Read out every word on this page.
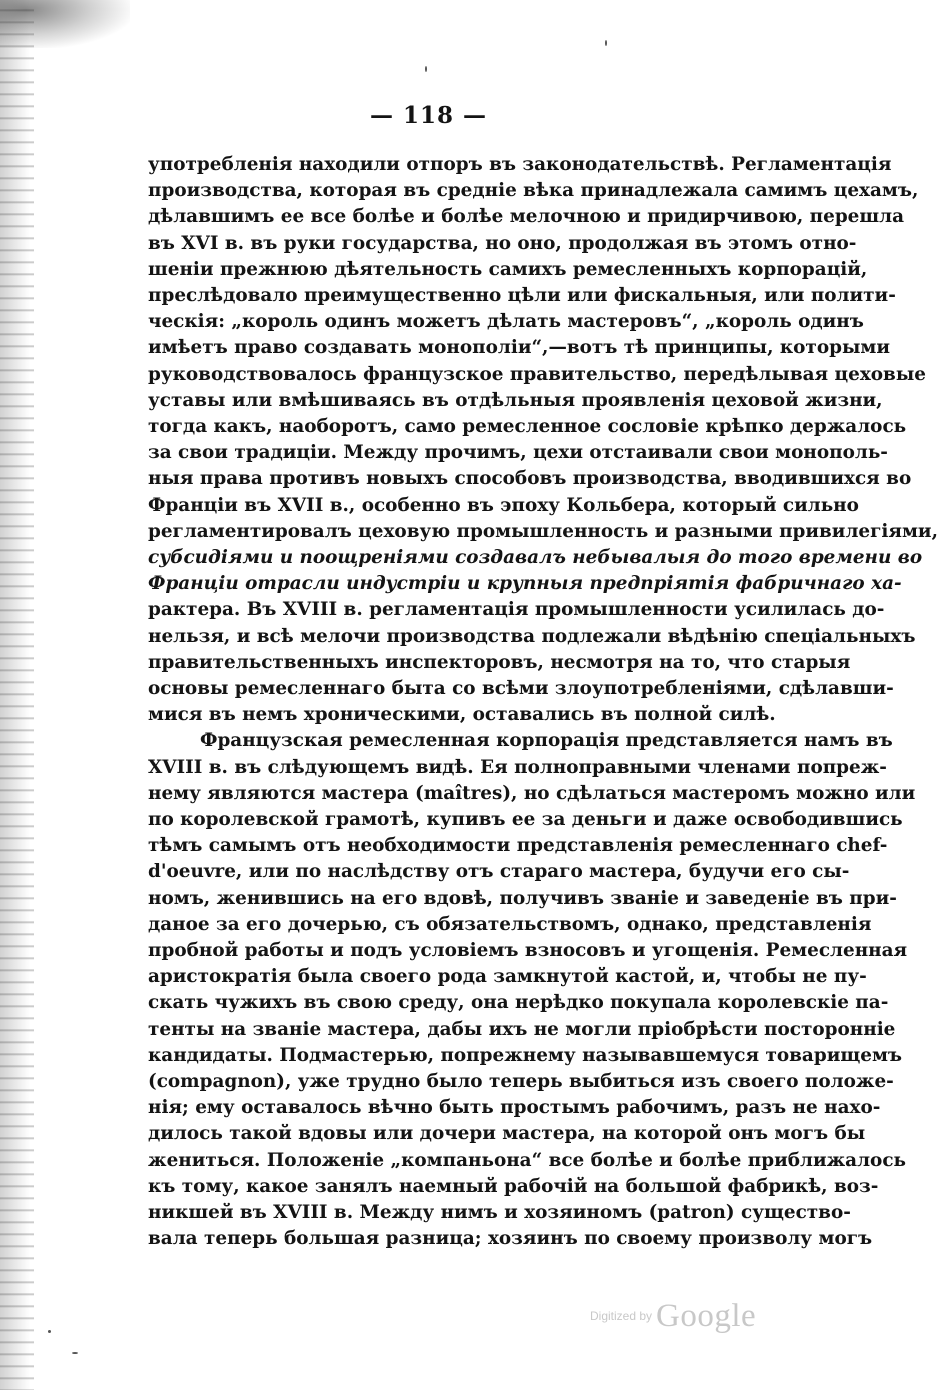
— 118 —
употребленія находили отпоръ въ законодательствѣ. Регламентація
производства, которая въ средніе вѣка принадлежала самимъ цехамъ,
дѣлавшимъ ее все болѣе и болѣе мелочною и придирчивою, перешла
въ XVI в. въ руки государства, но оно, продолжая въ этомъ отно-
шеніи прежнюю дѣятельность самихъ ремесленныхъ корпорацій,
преслѣдовало преимущественно цѣли или фискальныя, или полити-
ческія: „король одинъ можетъ дѣлать мастеровъ“, „король одинъ
имѣетъ право создавать монополіи“,—вотъ тѣ принципы, которыми
руководствовалось французское правительство, передѣлывая цеховые
уставы или вмѣшиваясь въ отдѣльныя проявленія цеховой жизни,
тогда какъ, наоборотъ, само ремесленное сословіе крѣпко держалось
за свои традиціи. Между прочимъ, цехи отстаивали свои монополь-
ныя права противъ новыхъ способовъ производства, вводившихся во
Франціи въ XVII в., особенно въ эпоху Кольбера, который сильно
регламентировалъ цеховую промышленность и разными привилегіями,
субсидіями и поощреніями создавалъ небывалыя до того времени во
Франціи отрасли индустріи и крупныя предпріятія фабричнаго ха-
рактера. Въ XVIII в. регламентація промышленности усилилась до-
нельзя, и всѣ мелочи производства подлежали вѣдѣнію спеціальныхъ
правительственныхъ инспекторовъ, несмотря на то, что старыя
основы ремесленнаго быта со всѣми злоупотребленіями, сдѣлавши-
мися въ немъ хроническими, оставались въ полной силѣ.
Французская ремесленная корпорація представляется намъ въ
XVIII в. въ слѣдующемъ видѣ. Ея полноправными членами попреж-
нему являются мастера (maîtres), но сдѣлаться мастеромъ можно или
по королевской грамотѣ, купивъ ее за деньги и даже освободившись
тѣмъ самымъ отъ необходимости представленія ремесленнаго chef-
d'oeuvre, или по наслѣдству отъ стараго мастера, будучи его сы-
номъ, женившись на его вдовѣ, получивъ званіе и заведеніе въ при-
даное за его дочерью, съ обязательствомъ, однако, представленія
пробной работы и подъ условіемъ взносовъ и угощенія. Ремесленная
аристократія была своего рода замкнутой кастой, и, чтобы не пу-
скать чужихъ въ свою среду, она нерѣдко покупала королевскіе па-
тенты на званіе мастера, дабы ихъ не могли пріобрѣсти посторонніе
кандидаты. Подмастерью, попрежнему называвшемуся товарищемъ
(compagnon), уже трудно было теперь выбиться изъ своего положе-
нія; ему оставалось вѣчно быть простымъ рабочимъ, разъ не нахо-
дилось такой вдовы или дочери мастера, на которой онъ могъ бы
жениться. Положеніе „компаньона“ все болѣе и болѣе приближалось
къ тому, какое занялъ наемный рабочій на большой фабрикѣ, воз-
никшей въ XVIII в. Между нимъ и хозяиномъ (patron) существо-
вала теперь большая разница; хозяинъ по своему произволу могъ
$^{Digitized by}$ Google
